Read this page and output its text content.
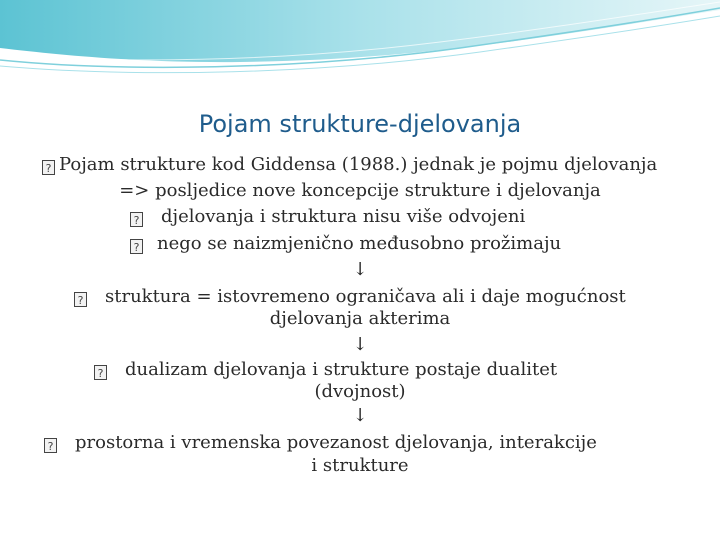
Pojam strukture-djelovanja
? Pojam strukture kod Giddensa (1988.) jednak je pojmu djelovanja
=> posljedice nove koncepcije strukture i djelovanja
? djelovanja i struktura nisu više odvojeni
? nego se naizmjenično međusobno prožimaju
↓
? struktura = istovremeno ograničava ali i daje mogućnost
djelovanja akterima
↓
? dualizam djelovanja i strukture postaje dualitet
(dvojnost)
↓
? prostorna i vremenska povezanost djelovanja, interakcije
i strukture
